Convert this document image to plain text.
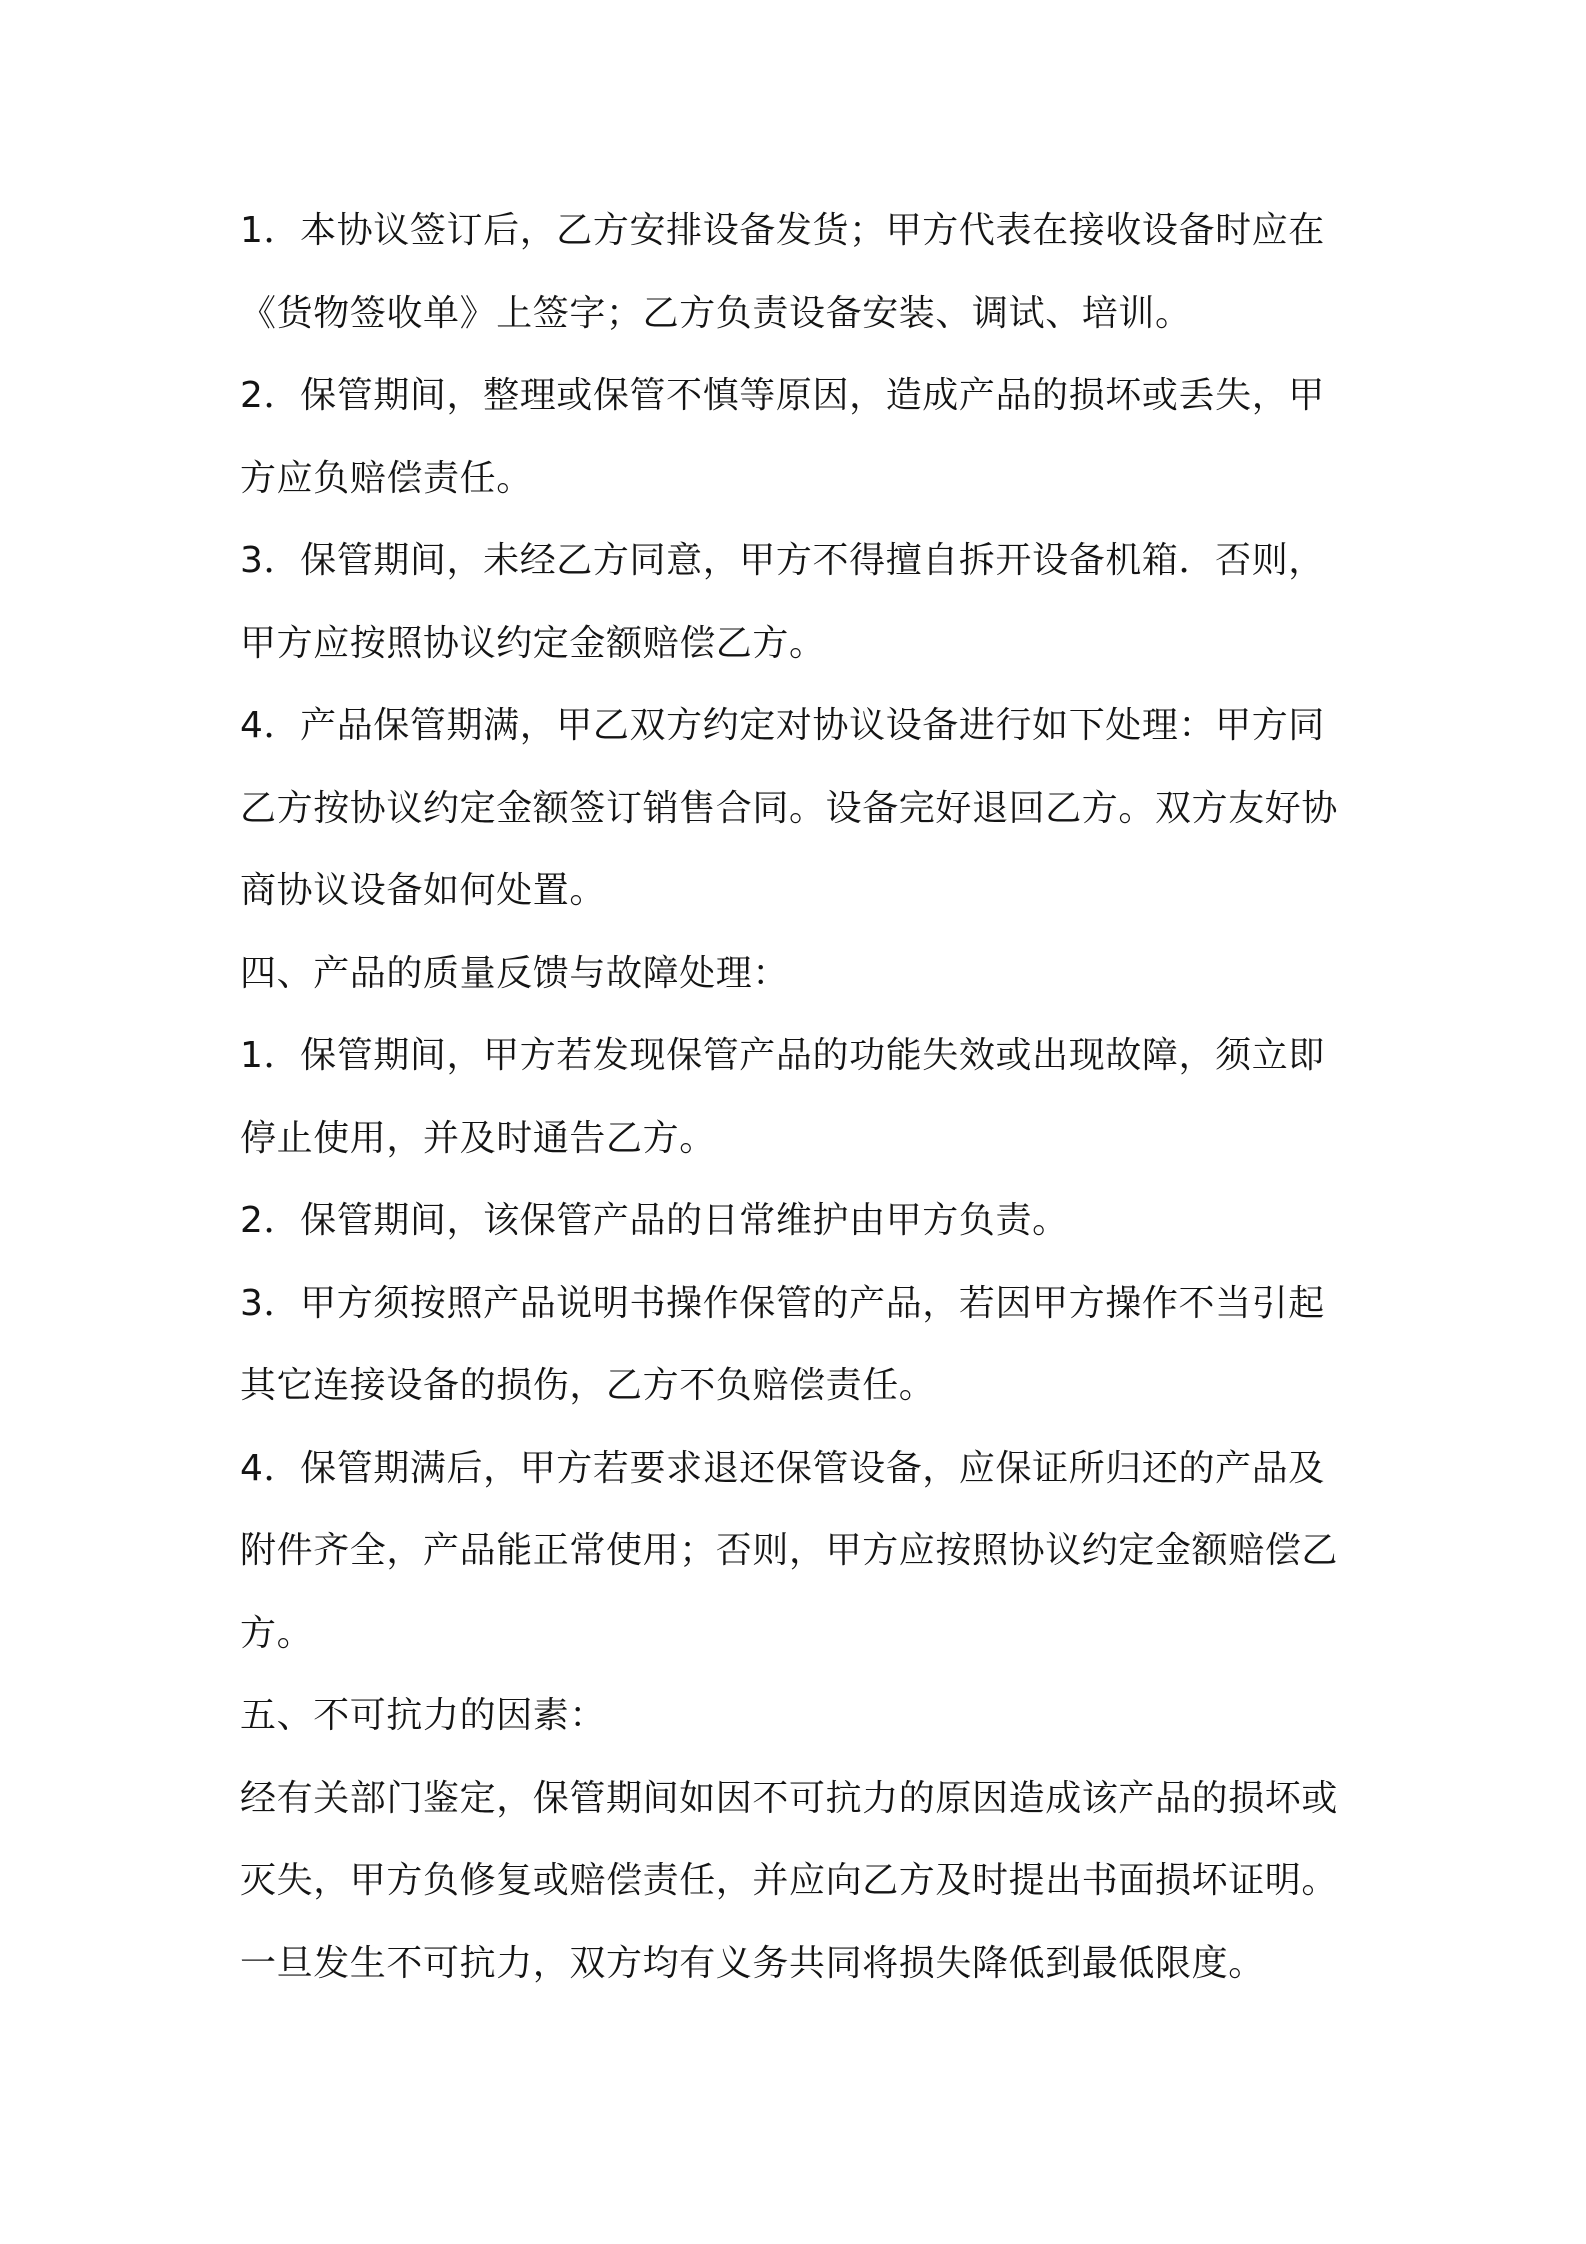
1．本协议签订后，乙方安排设备发货；甲方代表在接收设备时应在
《货物签收单》上签字；乙方负责设备安装、调试、培训。
2．保管期间，整理或保管不慎等原因，造成产品的损坏或丢失，甲
方应负赔偿责任。
3．保管期间，未经乙方同意，甲方不得擅自拆开设备机箱．否则，
甲方应按照协议约定金额赔偿乙方。
4．产品保管期满，甲乙双方约定对协议设备进行如下处理：甲方同
乙方按协议约定金额签订销售合同。设备完好退回乙方。双方友好协
商协议设备如何处置。
四、产品的质量反馈与故障处理：
1．保管期间，甲方若发现保管产品的功能失效或出现故障，须立即
停止使用，并及时通告乙方。
2．保管期间，该保管产品的日常维护由甲方负责。
3．甲方须按照产品说明书操作保管的产品，若因甲方操作不当引起
其它连接设备的损伤，乙方不负赔偿责任。
4．保管期满后，甲方若要求退还保管设备，应保证所归还的产品及
附件齐全，产品能正常使用；否则，甲方应按照协议约定金额赔偿乙
方。
五、不可抗力的因素：
经有关部门鉴定，保管期间如因不可抗力的原因造成该产品的损坏或
灭失，甲方负修复或赔偿责任，并应向乙方及时提出书面损坏证明。
一旦发生不可抗力，双方均有义务共同将损失降低到最低限度。
